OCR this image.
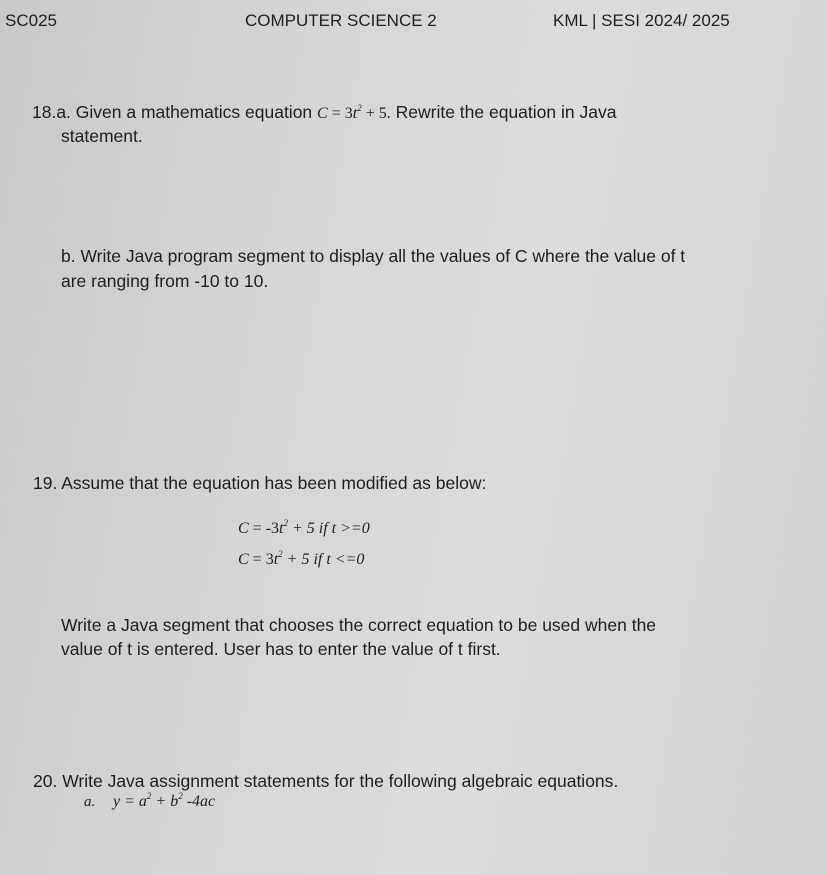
SC025	COMPUTER SCIENCE 2	KML | SESI 2024/ 2025
18.a. Given a mathematics equation $C = 3t^2 + 5$. Rewrite the equation in Java
statement.
b. Write Java program segment to display all the values of C where the value of t
are ranging from -10 to 10.
19. Assume that the equation has been modified as below:
$C = -3t^2 + 5$ if t >=0
$C = 3t^2 + 5$ if t <=0
Write a Java segment that chooses the correct equation to be used when the
value of t is entered. User has to enter the value of t first.
20. Write Java assignment statements for the following algebraic equations.
a. $y = a^2 + b^2$ -4ac
